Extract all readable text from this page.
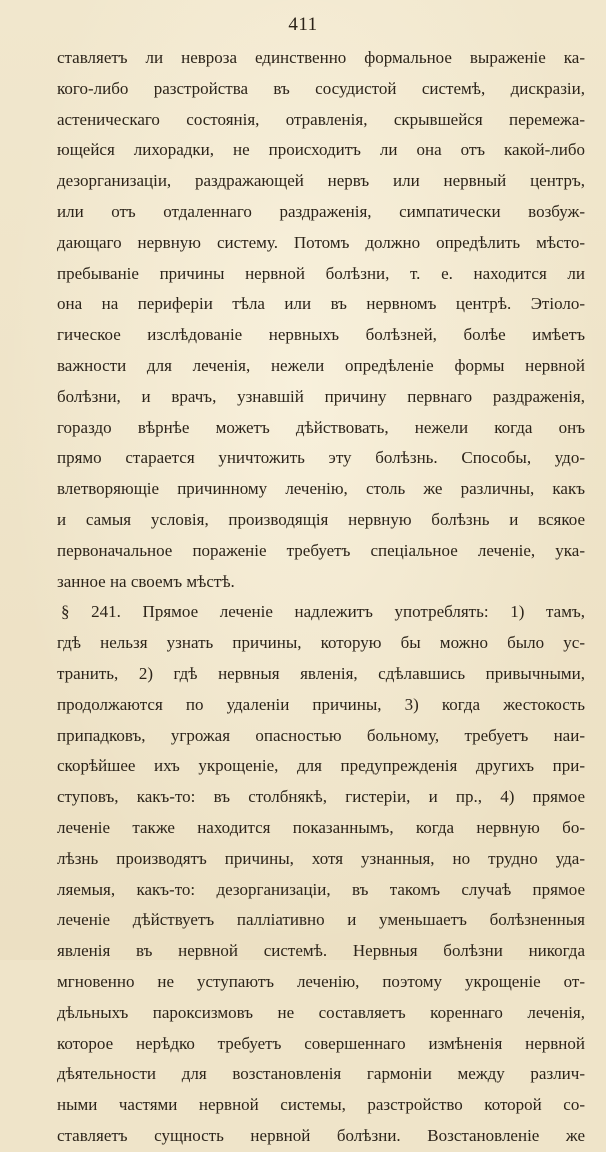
411
ставляетъ ли невроза единственно формальное выраженіе ка-
кого-либо разстройства въ сосудистой системѣ, дискразіи,
астеническаго состоянія, отравленія, скрывшейся перемежа-
ющейся лихорадки, не происходитъ ли она отъ какой-либо
дезорганизаціи, раздражающей нервъ или нервный центръ,
или отъ отдаленнаго раздраженія, симпатически возбуж-
дающаго нервную систему. Потомъ должно опредѣлить мѣсто-
пребываніе причины нервной болѣзни, т. е. находится ли
она на периферіи тѣла или въ нервномъ центрѣ. Этіоло-
гическое изслѣдованіе нервныхъ болѣзней, болѣе имѣетъ
важности для леченія, нежели опредѣленіе формы нервной
болѣзни, и врачъ, узнавшій причину первнаго раздраженія,
гораздо вѣрнѣе можетъ дѣйствовать, нежели когда онъ
прямо старается уничтожить эту болѣзнь. Способы, удо-
влетворяющіе причинному леченію, столь же различны, какъ
и самыя условія, производящія нервную болѣзнь и всякое
первоначальное пораженіе требуетъ спеціальное леченіе, ука-
занное на своемъ мѣстѣ.
§ 241. Прямое леченіе надлежитъ употреблять: 1) тамъ,
гдѣ нельзя узнать причины, которую бы можно было ус-
транить, 2) гдѣ нервныя явленія, сдѣлавшись привычными,
продолжаются по удаленіи причины, 3) когда жестокость
припадковъ, угрожая опасностью больному, требуетъ наи-
скорѣйшее ихъ укрощеніе, для предупрежденія другихъ при-
ступовъ, какъ-то: въ столбнякѣ, гистеріи, и пр., 4) прямое
леченіе также находится показаннымъ, когда нервную бо-
лѣзнь производятъ причины, хотя узнанныя, но трудно уда-
ляемыя, какъ-то: дезорганизаціи, въ такомъ случаѣ прямое
леченіе дѣйствуетъ палліативно и уменьшаетъ болѣзненныя
явленія въ нервной системѣ. Нервныя болѣзни никогда
мгновенно не уступаютъ леченію, поэтому укрощеніе от-
дѣльныхъ пароксизмовъ не составляетъ кореннаго леченія,
которое нерѣдко требуетъ совершеннаго измѣненія нервной
дѣятельности для возстановленія гармоніи между различ-
ными частями нервной системы, разстройство которой со-
ставляетъ сущность нервной болѣзни. Возстановленіе же
